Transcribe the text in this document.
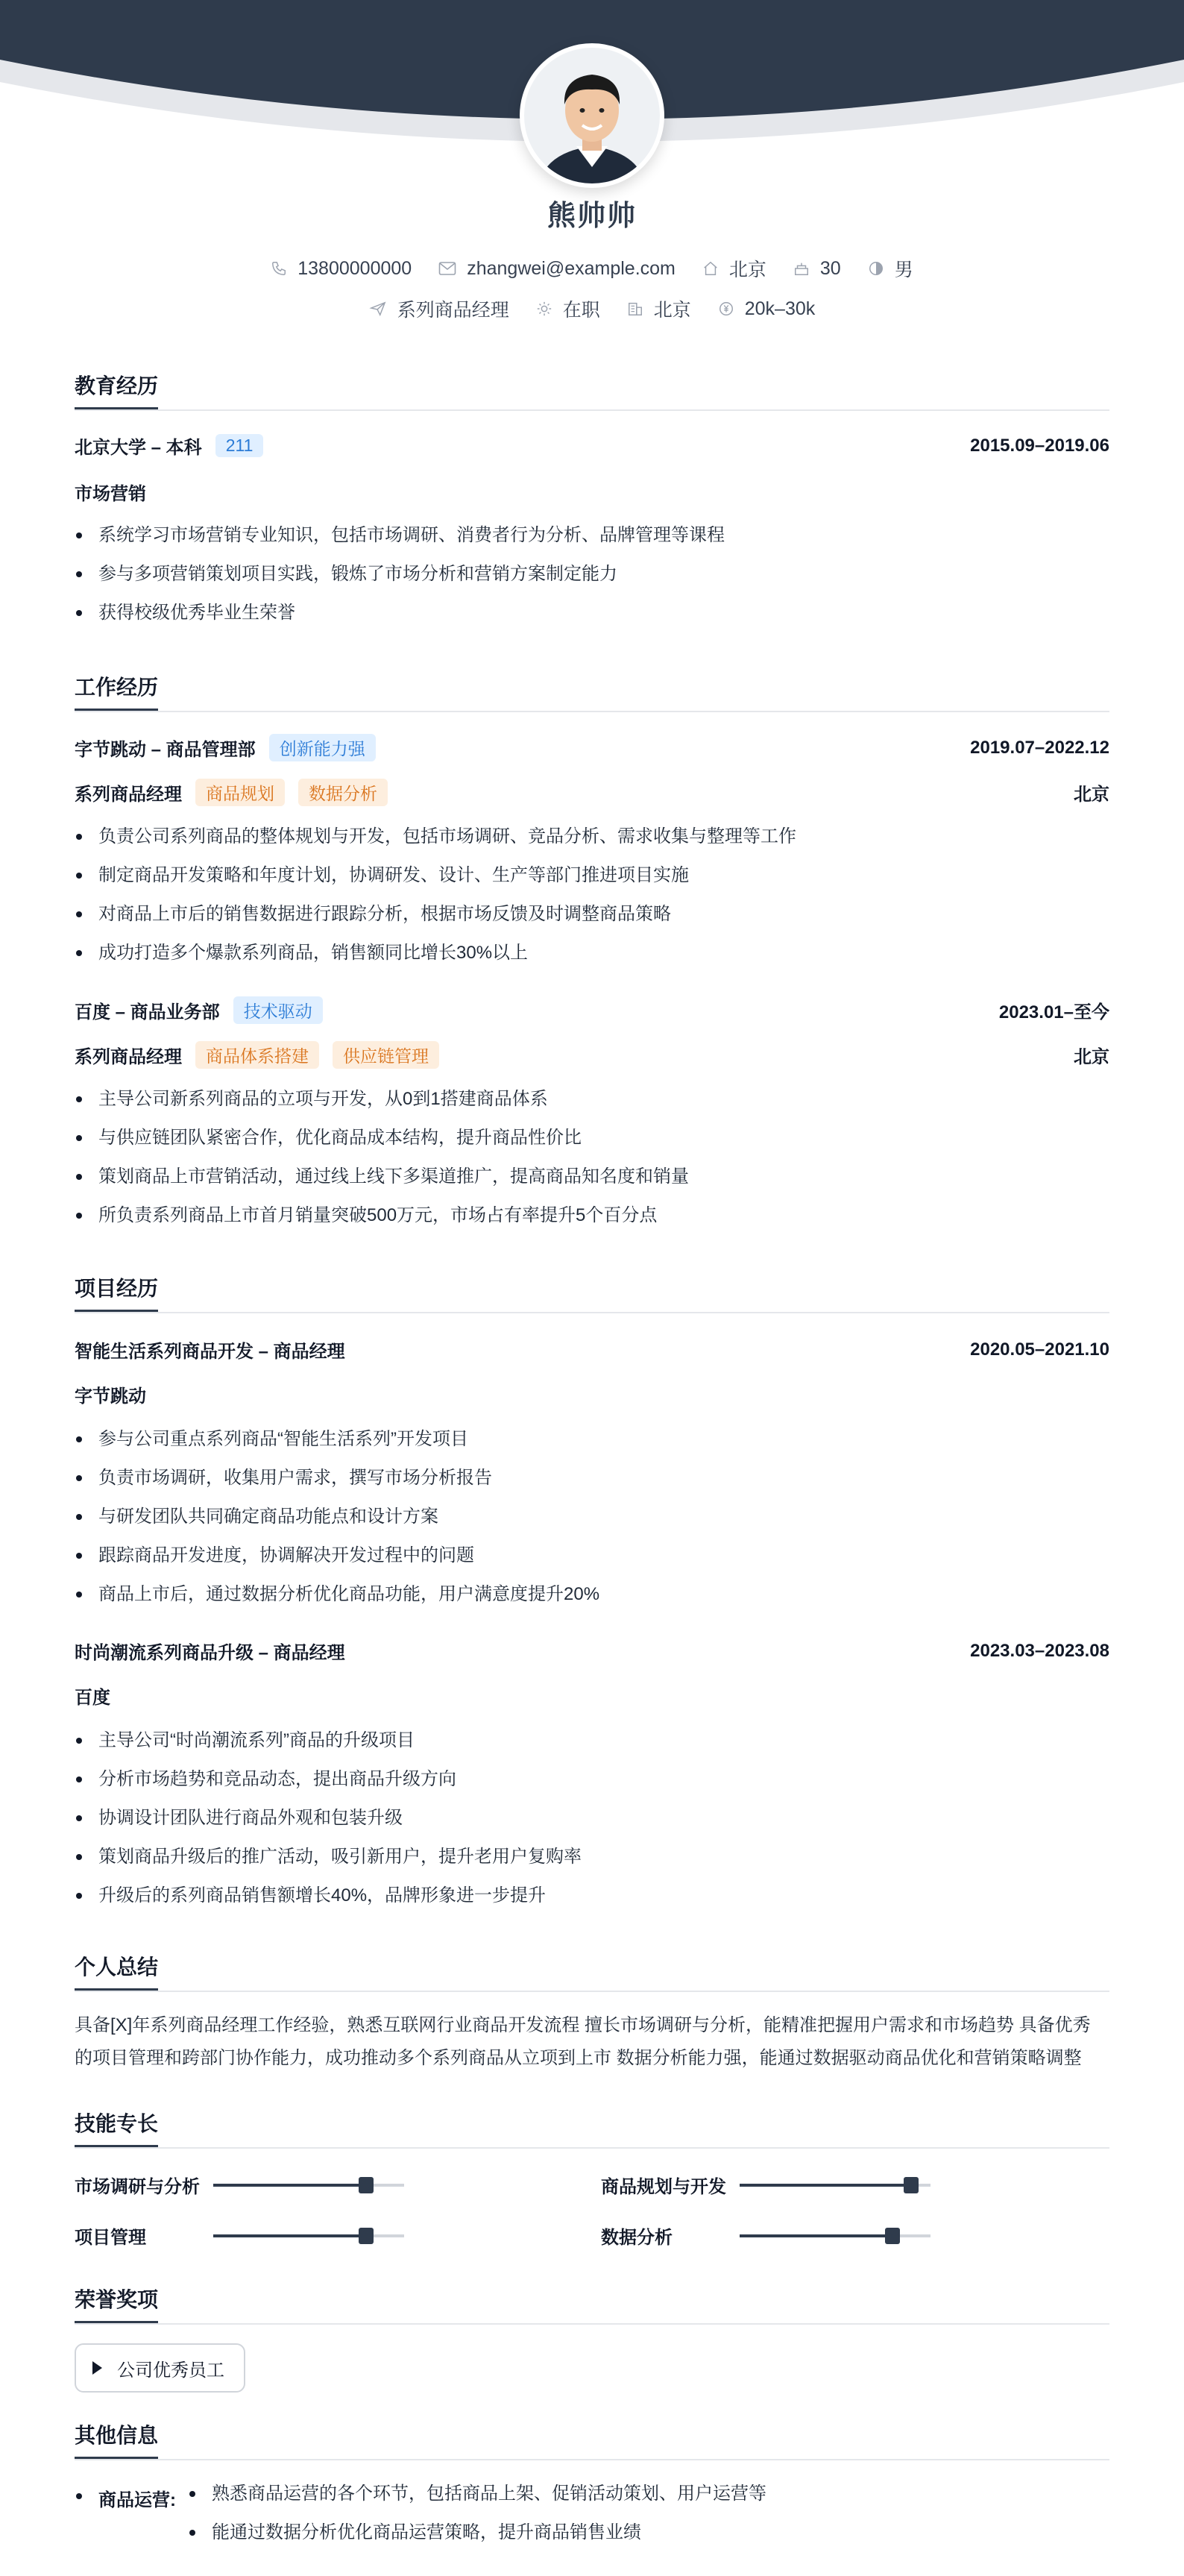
熊帅帅
13800000000	zhangwei@example.com	北京	30	男
系列商品经理	在职	北京	20k–30k
教育经历
北京大学 – 本科	211	2015.09–2019.06
市场营销
系统学习市场营销专业知识，包括市场调研、消费者行为分析、品牌管理等课程
参与多项营销策划项目实践，锻炼了市场分析和营销方案制定能力
获得校级优秀毕业生荣誉
工作经历
字节跳动 – 商品管理部	创新能力强	2019.07–2022.12
系列商品经理	商品规划	数据分析	北京
负责公司系列商品的整体规划与开发，包括市场调研、竞品分析、需求收集与整理等工作
制定商品开发策略和年度计划，协调研发、设计、生产等部门推进项目实施
对商品上市后的销售数据进行跟踪分析，根据市场反馈及时调整商品策略
成功打造多个爆款系列商品，销售额同比增长30%以上
百度 – 商品业务部	技术驱动	2023.01–至今
系列商品经理	商品体系搭建	供应链管理	北京
主导公司新系列商品的立项与开发，从0到1搭建商品体系
与供应链团队紧密合作，优化商品成本结构，提升商品性价比
策划商品上市营销活动，通过线上线下多渠道推广，提高商品知名度和销量
所负责系列商品上市首月销量突破500万元，市场占有率提升5个百分点
项目经历
智能生活系列商品开发 – 商品经理	2020.05–2021.10
字节跳动
参与公司重点系列商品“智能生活系列”开发项目
负责市场调研，收集用户需求，撰写市场分析报告
与研发团队共同确定商品功能点和设计方案
跟踪商品开发进度，协调解决开发过程中的问题
商品上市后，通过数据分析优化商品功能，用户满意度提升20%
时尚潮流系列商品升级 – 商品经理	2023.03–2023.08
百度
主导公司“时尚潮流系列”商品的升级项目
分析市场趋势和竞品动态，提出商品升级方向
协调设计团队进行商品外观和包装升级
策划商品升级后的推广活动，吸引新用户，提升老用户复购率
升级后的系列商品销售额增长40%，品牌形象进一步提升
个人总结
具备[X]年系列商品经理工作经验，熟悉互联网行业商品开发流程 擅长市场调研与分析，能精准把握用户需求和市场趋势 具备优秀
的项目管理和跨部门协作能力，成功推动多个系列商品从立项到上市 数据分析能力强，能通过数据驱动商品优化和营销策略调整
技能专长
市场调研与分析	商品规划与开发
项目管理	数据分析
荣誉奖项
公司优秀员工
其他信息
商品运营:	熟悉商品运营的各个环节，包括商品上架、促销活动策划、用户运营等
能通过数据分析优化商品运营策略，提升商品销售业绩
